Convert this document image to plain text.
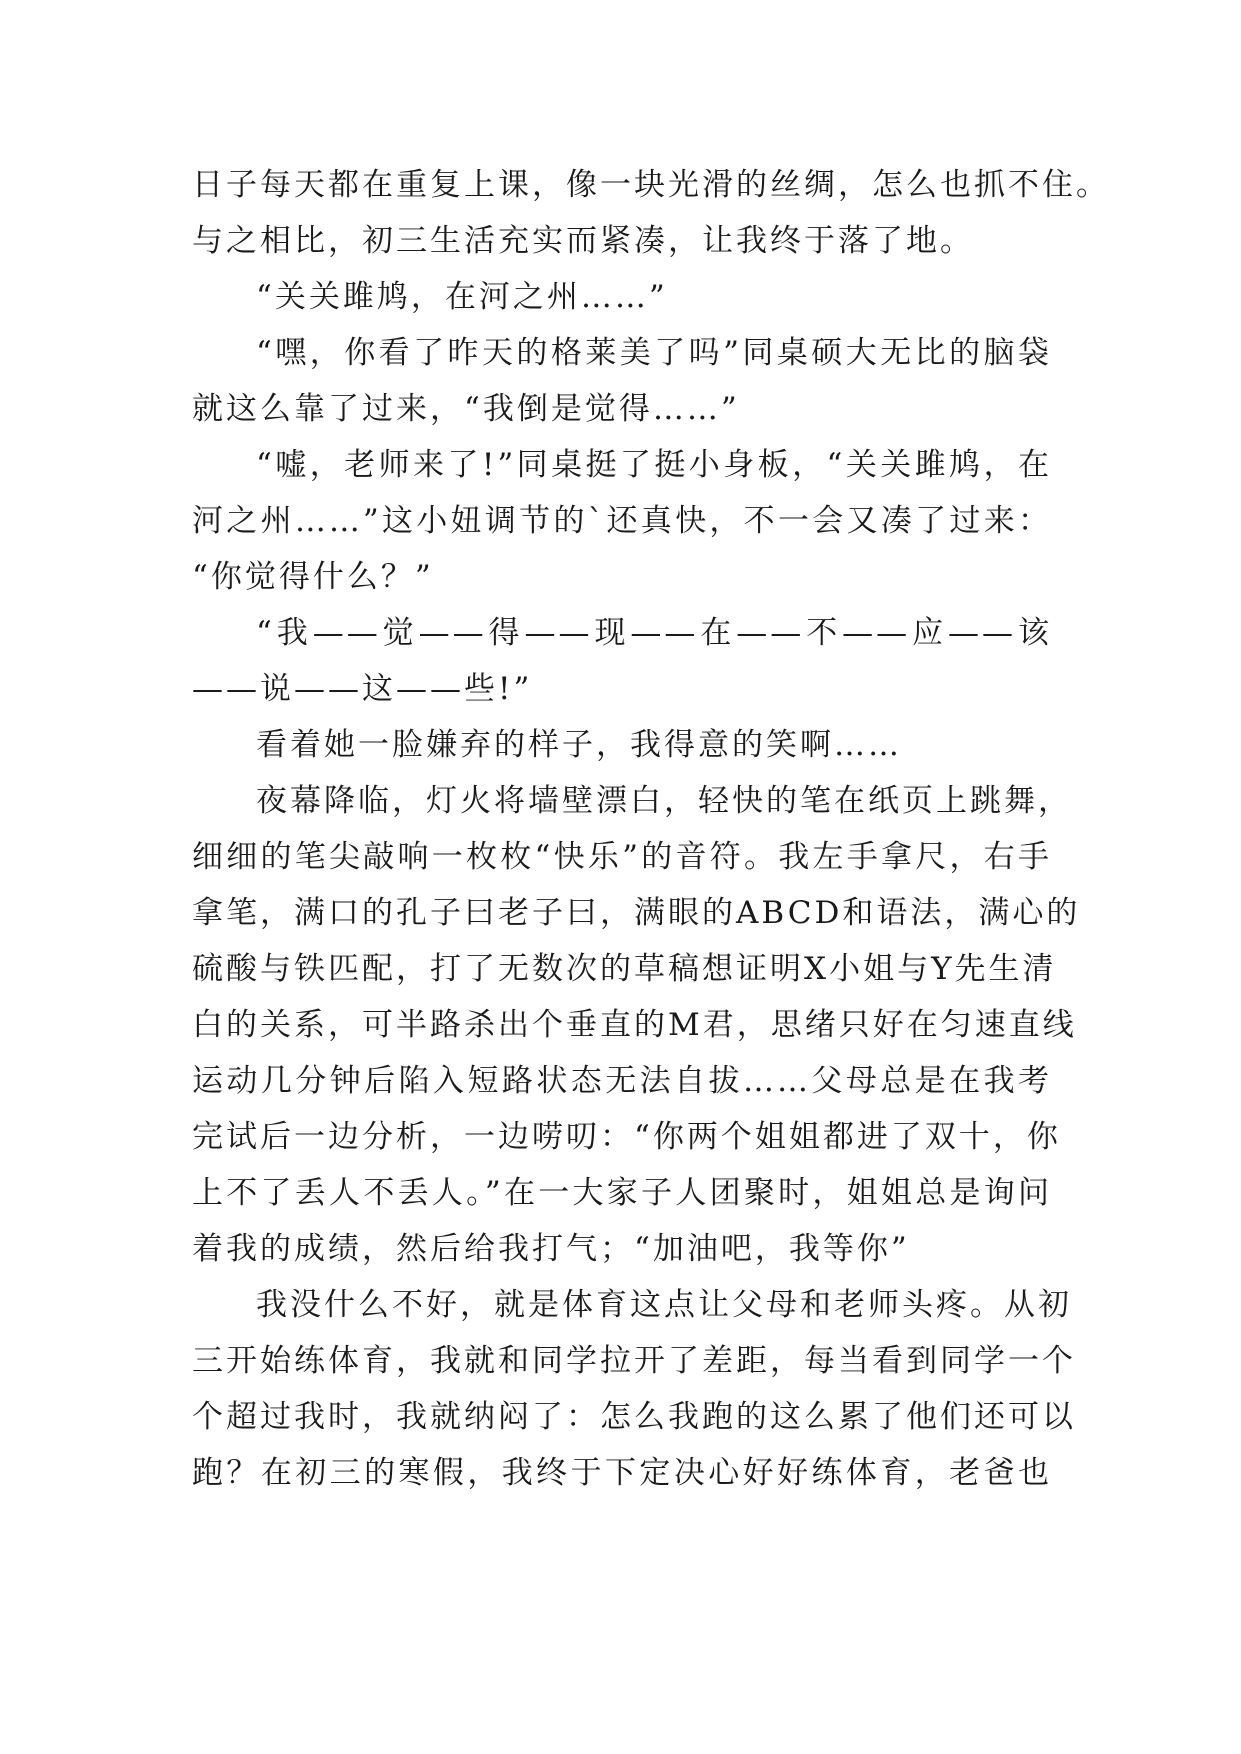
日子每天都在重复上课，像一块光滑的丝绸，怎么也抓不住。
与之相比，初三生活充实而紧凑，让我终于落了地。
“关关雎鸠，在河之州……”
“嘿，你看了昨天的格莱美了吗”同桌硕大无比的脑袋
就这么靠了过来，“我倒是觉得……”
“嘘，老师来了!”同桌挺了挺小身板，“关关雎鸠，在
河之州……”这小妞调节的`还真快，不一会又凑了过来：
“你觉得什么？”
“我——觉——得——现——在——不——应——该
——说——这——些!”
看着她一脸嫌弃的样子，我得意的笑啊……
夜幕降临，灯火将墙壁漂白，轻快的笔在纸页上跳舞，
细细的笔尖敲响一枚枚“快乐”的音符。我左手拿尺，右手
拿笔，满口的孔子曰老子曰，满眼的ABCD和语法，满心的
硫酸与铁匹配，打了无数次的草稿想证明X小姐与Y先生清
白的关系，可半路杀出个垂直的M君，思绪只好在匀速直线
运动几分钟后陷入短路状态无法自拔……父母总是在我考
完试后一边分析，一边唠叨：“你两个姐姐都进了双十，你
上不了丢人不丢人。”在一大家子人团聚时，姐姐总是询问
着我的成绩，然后给我打气；“加油吧，我等你”
我没什么不好，就是体育这点让父母和老师头疼。从初
三开始练体育，我就和同学拉开了差距，每当看到同学一个
个超过我时，我就纳闷了：怎么我跑的这么累了他们还可以
跑？在初三的寒假，我终于下定决心好好练体育，老爸也
